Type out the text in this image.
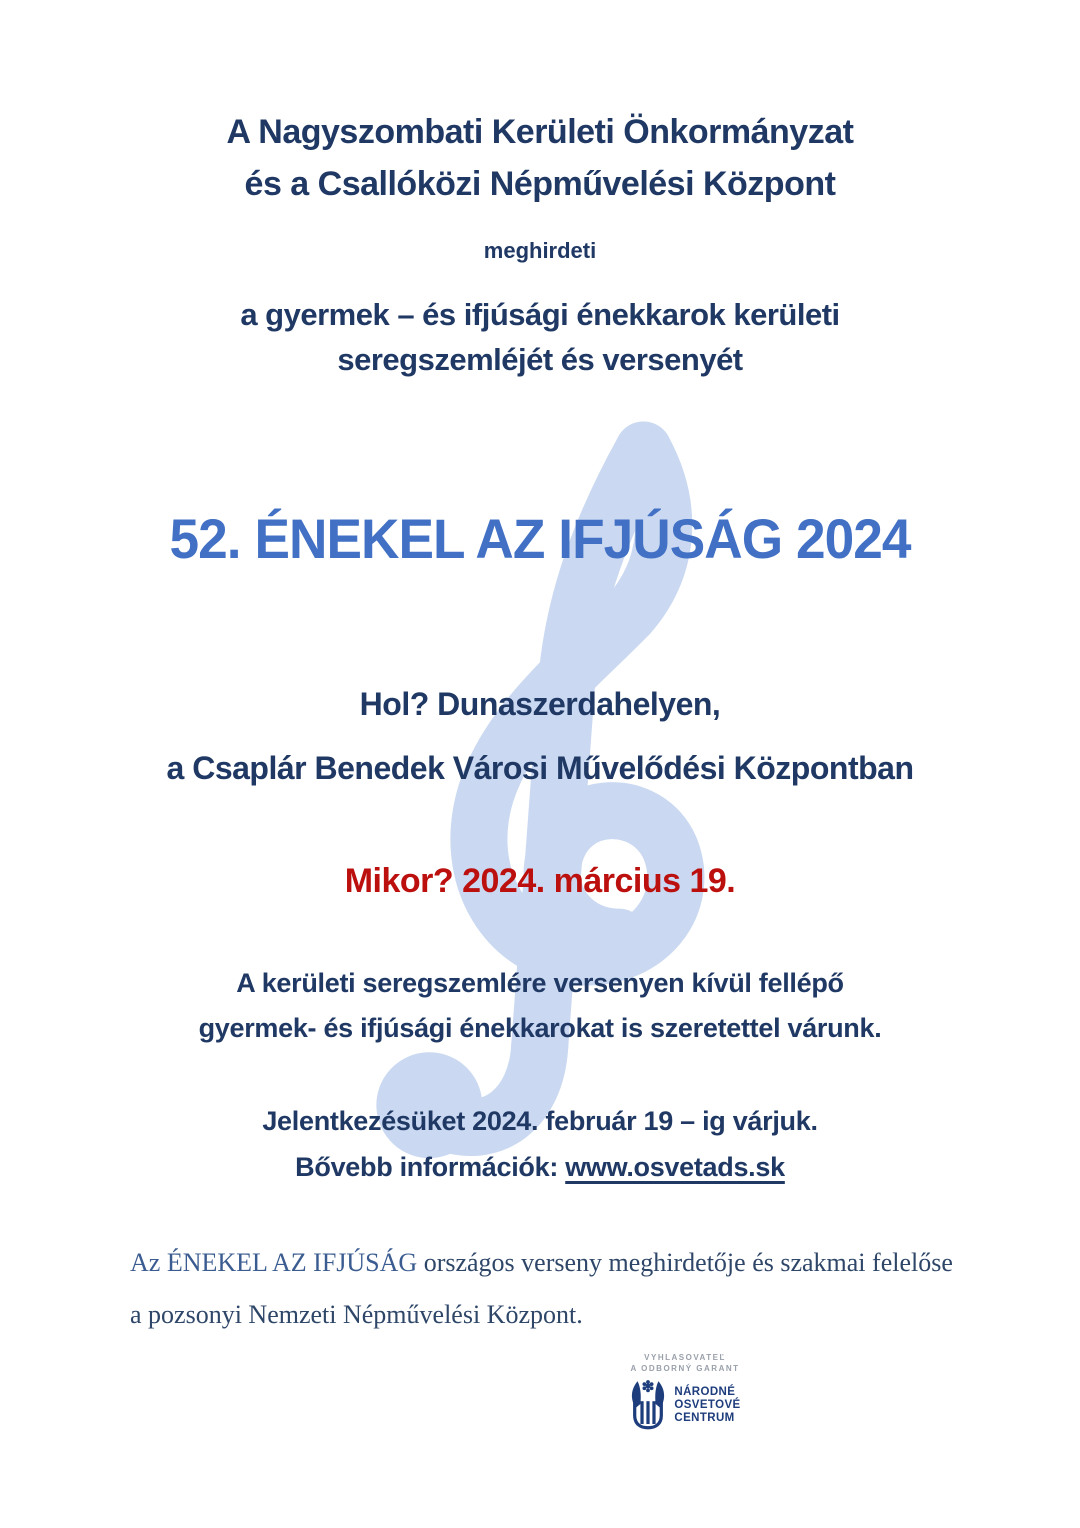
A Nagyszombati Kerületi Önkormányzat
és a Csallóközi Népművelési Központ
meghirdeti
a gyermek – és ifjúsági énekkarok kerületi
seregszemléjét és versenyét
52. ÉNEKEL AZ IFJÚSÁG 2024
Hol? Dunaszerdahelyen,
a Csaplár Benedek Városi Művelődési Központban
Mikor? 2024. március 19.
A kerületi seregszemlére versenyen kívül fellépő
gyermek- és ifjúsági énekkarokat is szeretettel várunk.
Jelentkezésüket 2024. február 19 – ig várjuk.
Bővebb információk: www.osvetads.sk
Az ÉNEKEL AZ IFJÚSÁG országos verseny meghirdetője és szakmai felelőse
a pozsonyi Nemzeti Népművelési Központ.
VYHLASOVATEĽ
A ODBORNÝ GARANT
NÁRODNÉ
OSVETOVÉ
CENTRUM
